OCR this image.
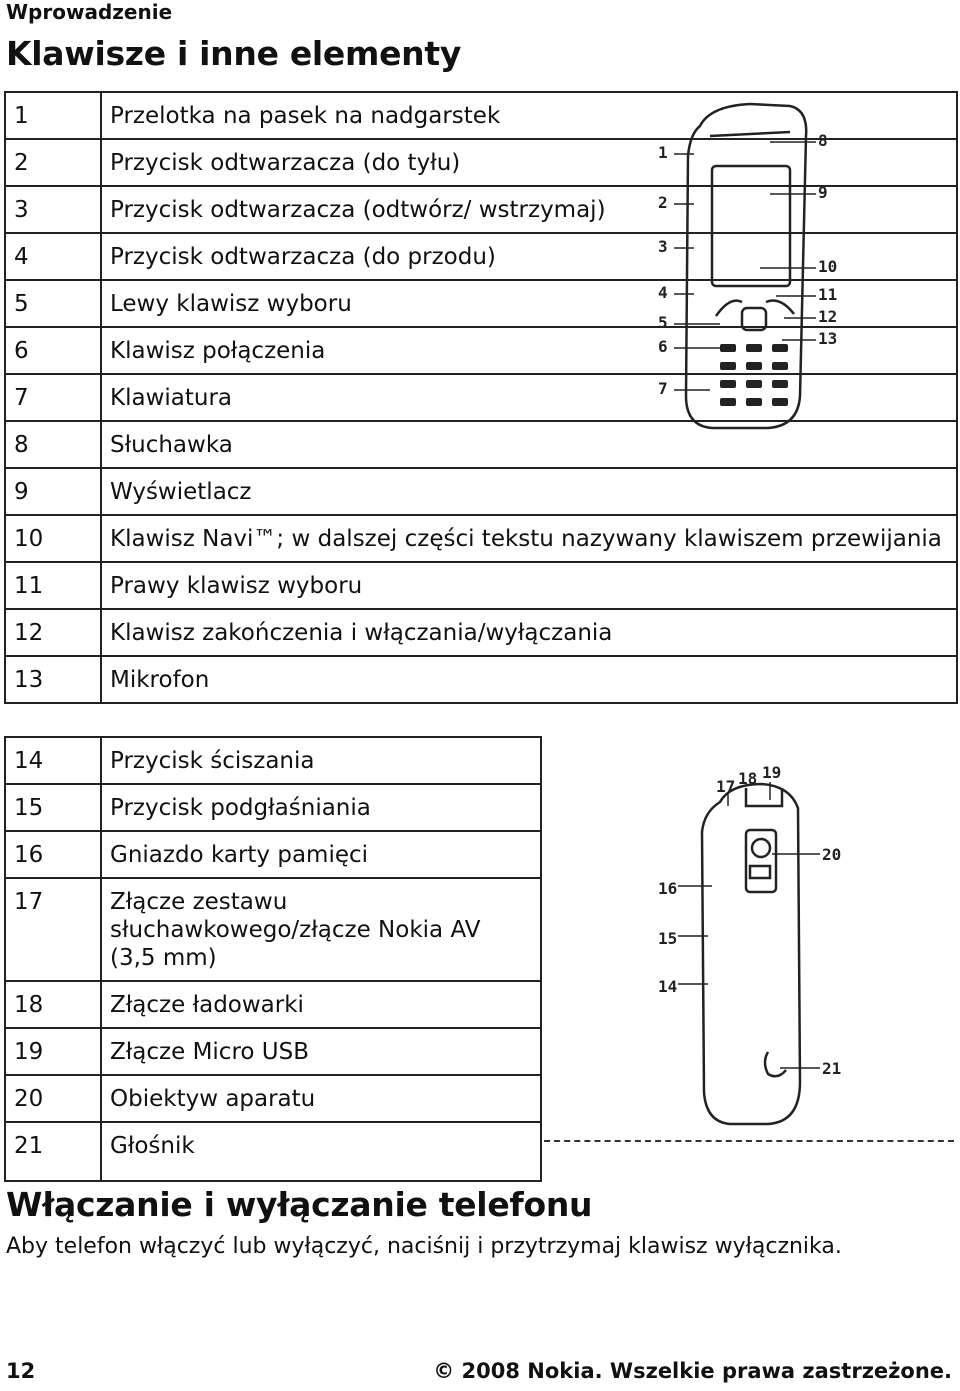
Wprowadzenie
Klawisze i inne elementy
1	Przelotka na pasek na nadgarstek
2	Przycisk odtwarzacza (do tyłu)
3	Przycisk odtwarzacza (odtwórz/ wstrzymaj)
4	Przycisk odtwarzacza (do przodu)
5	Lewy klawisz wyboru
6	Klawisz połączenia
7	Klawiatura
8	Słuchawka
9	Wyświetlacz
10	Klawisz Navi™; w dalszej części tekstu nazywany klawiszem przewijania
11	Prawy klawisz wyboru
12	Klawisz zakończenia i włączania/wyłączania
13	Mikrofon
1
2
3
4
5
6
7
8
9
10
11
12
13
14	Przycisk ściszania
15	Przycisk podgłaśniania
16	Gniazdo karty pamięci
17	Złącze zestawu słuchawkowego/złącze Nokia AV (3,5 mm)
18	Złącze ładowarki
19	Złącze Micro USB
20	Obiektyw aparatu
21	Głośnik
14
15
16
17 18 19
20
21
Włączanie i wyłączanie telefonu
Aby telefon włączyć lub wyłączyć, naciśnij i przytrzymaj klawisz wyłącznika.
12	© 2008 Nokia. Wszelkie prawa zastrzeżone.
